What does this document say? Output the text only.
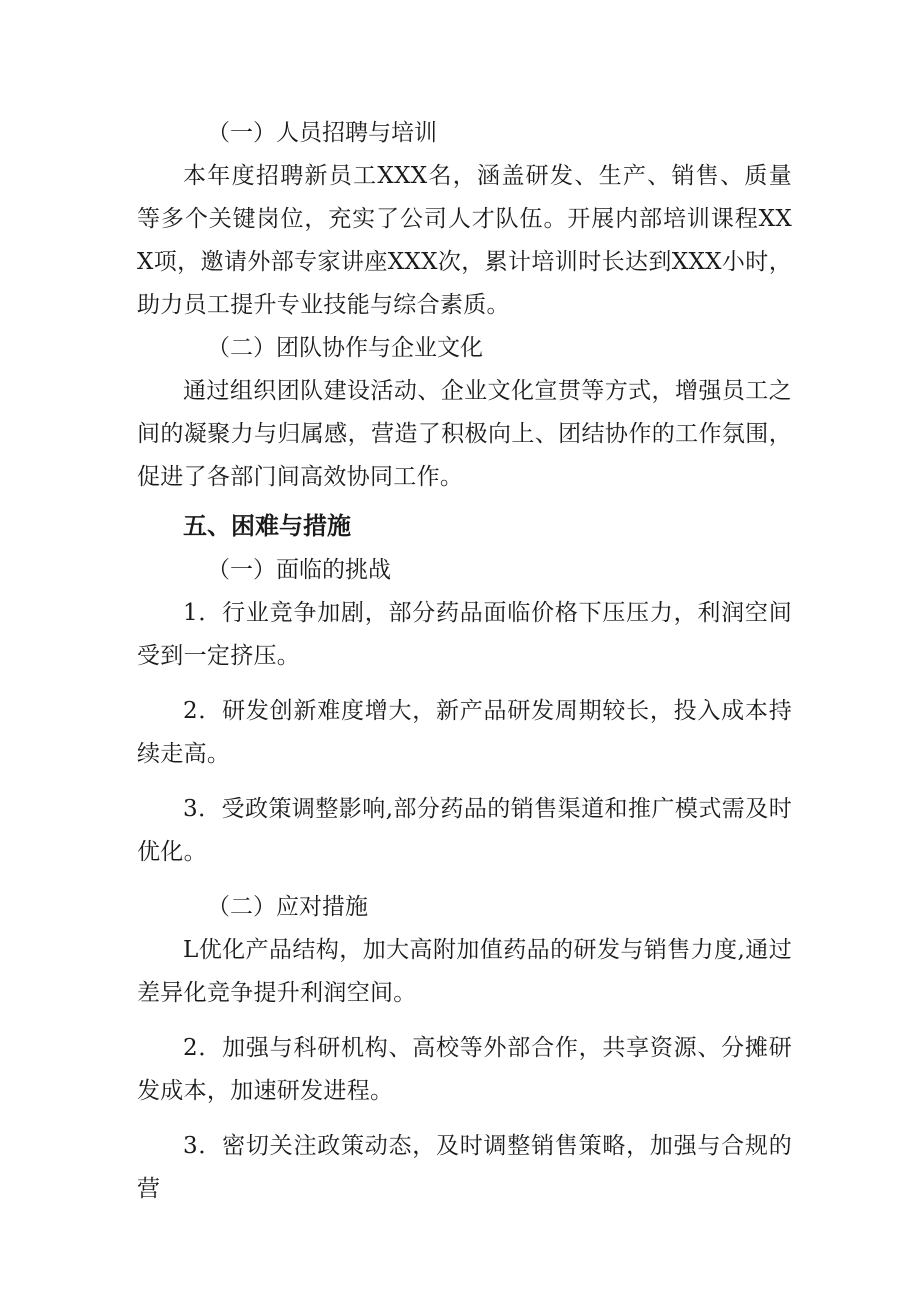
（一）人员招聘与培训

本年度招聘新员工XXX名，涵盖研发、生产、销售、质量等多个关键岗位，充实了公司人才队伍。开展内部培训课程XXX项，邀请外部专家讲座XXX次，累计培训时长达到XXX小时，助力员工提升专业技能与综合素质。

（二）团队协作与企业文化

通过组织团队建设活动、企业文化宣贯等方式，增强员工之间的凝聚力与归属感，营造了积极向上、团结协作的工作氛围，促进了各部门间高效协同工作。

五、困难与措施

（一）面临的挑战

1．行业竞争加剧，部分药品面临价格下压压力，利润空间受到一定挤压。

2．研发创新难度增大，新产品研发周期较长，投入成本持续走高。

3．受政策调整影响,部分药品的销售渠道和推广模式需及时优化。

（二）应对措施

L优化产品结构，加大高附加值药品的研发与销售力度,通过差异化竞争提升利润空间。

2．加强与科研机构、高校等外部合作，共享资源、分摊研发成本，加速研发进程。

3．密切关注政策动态，及时调整销售策略，加强与合规的营
